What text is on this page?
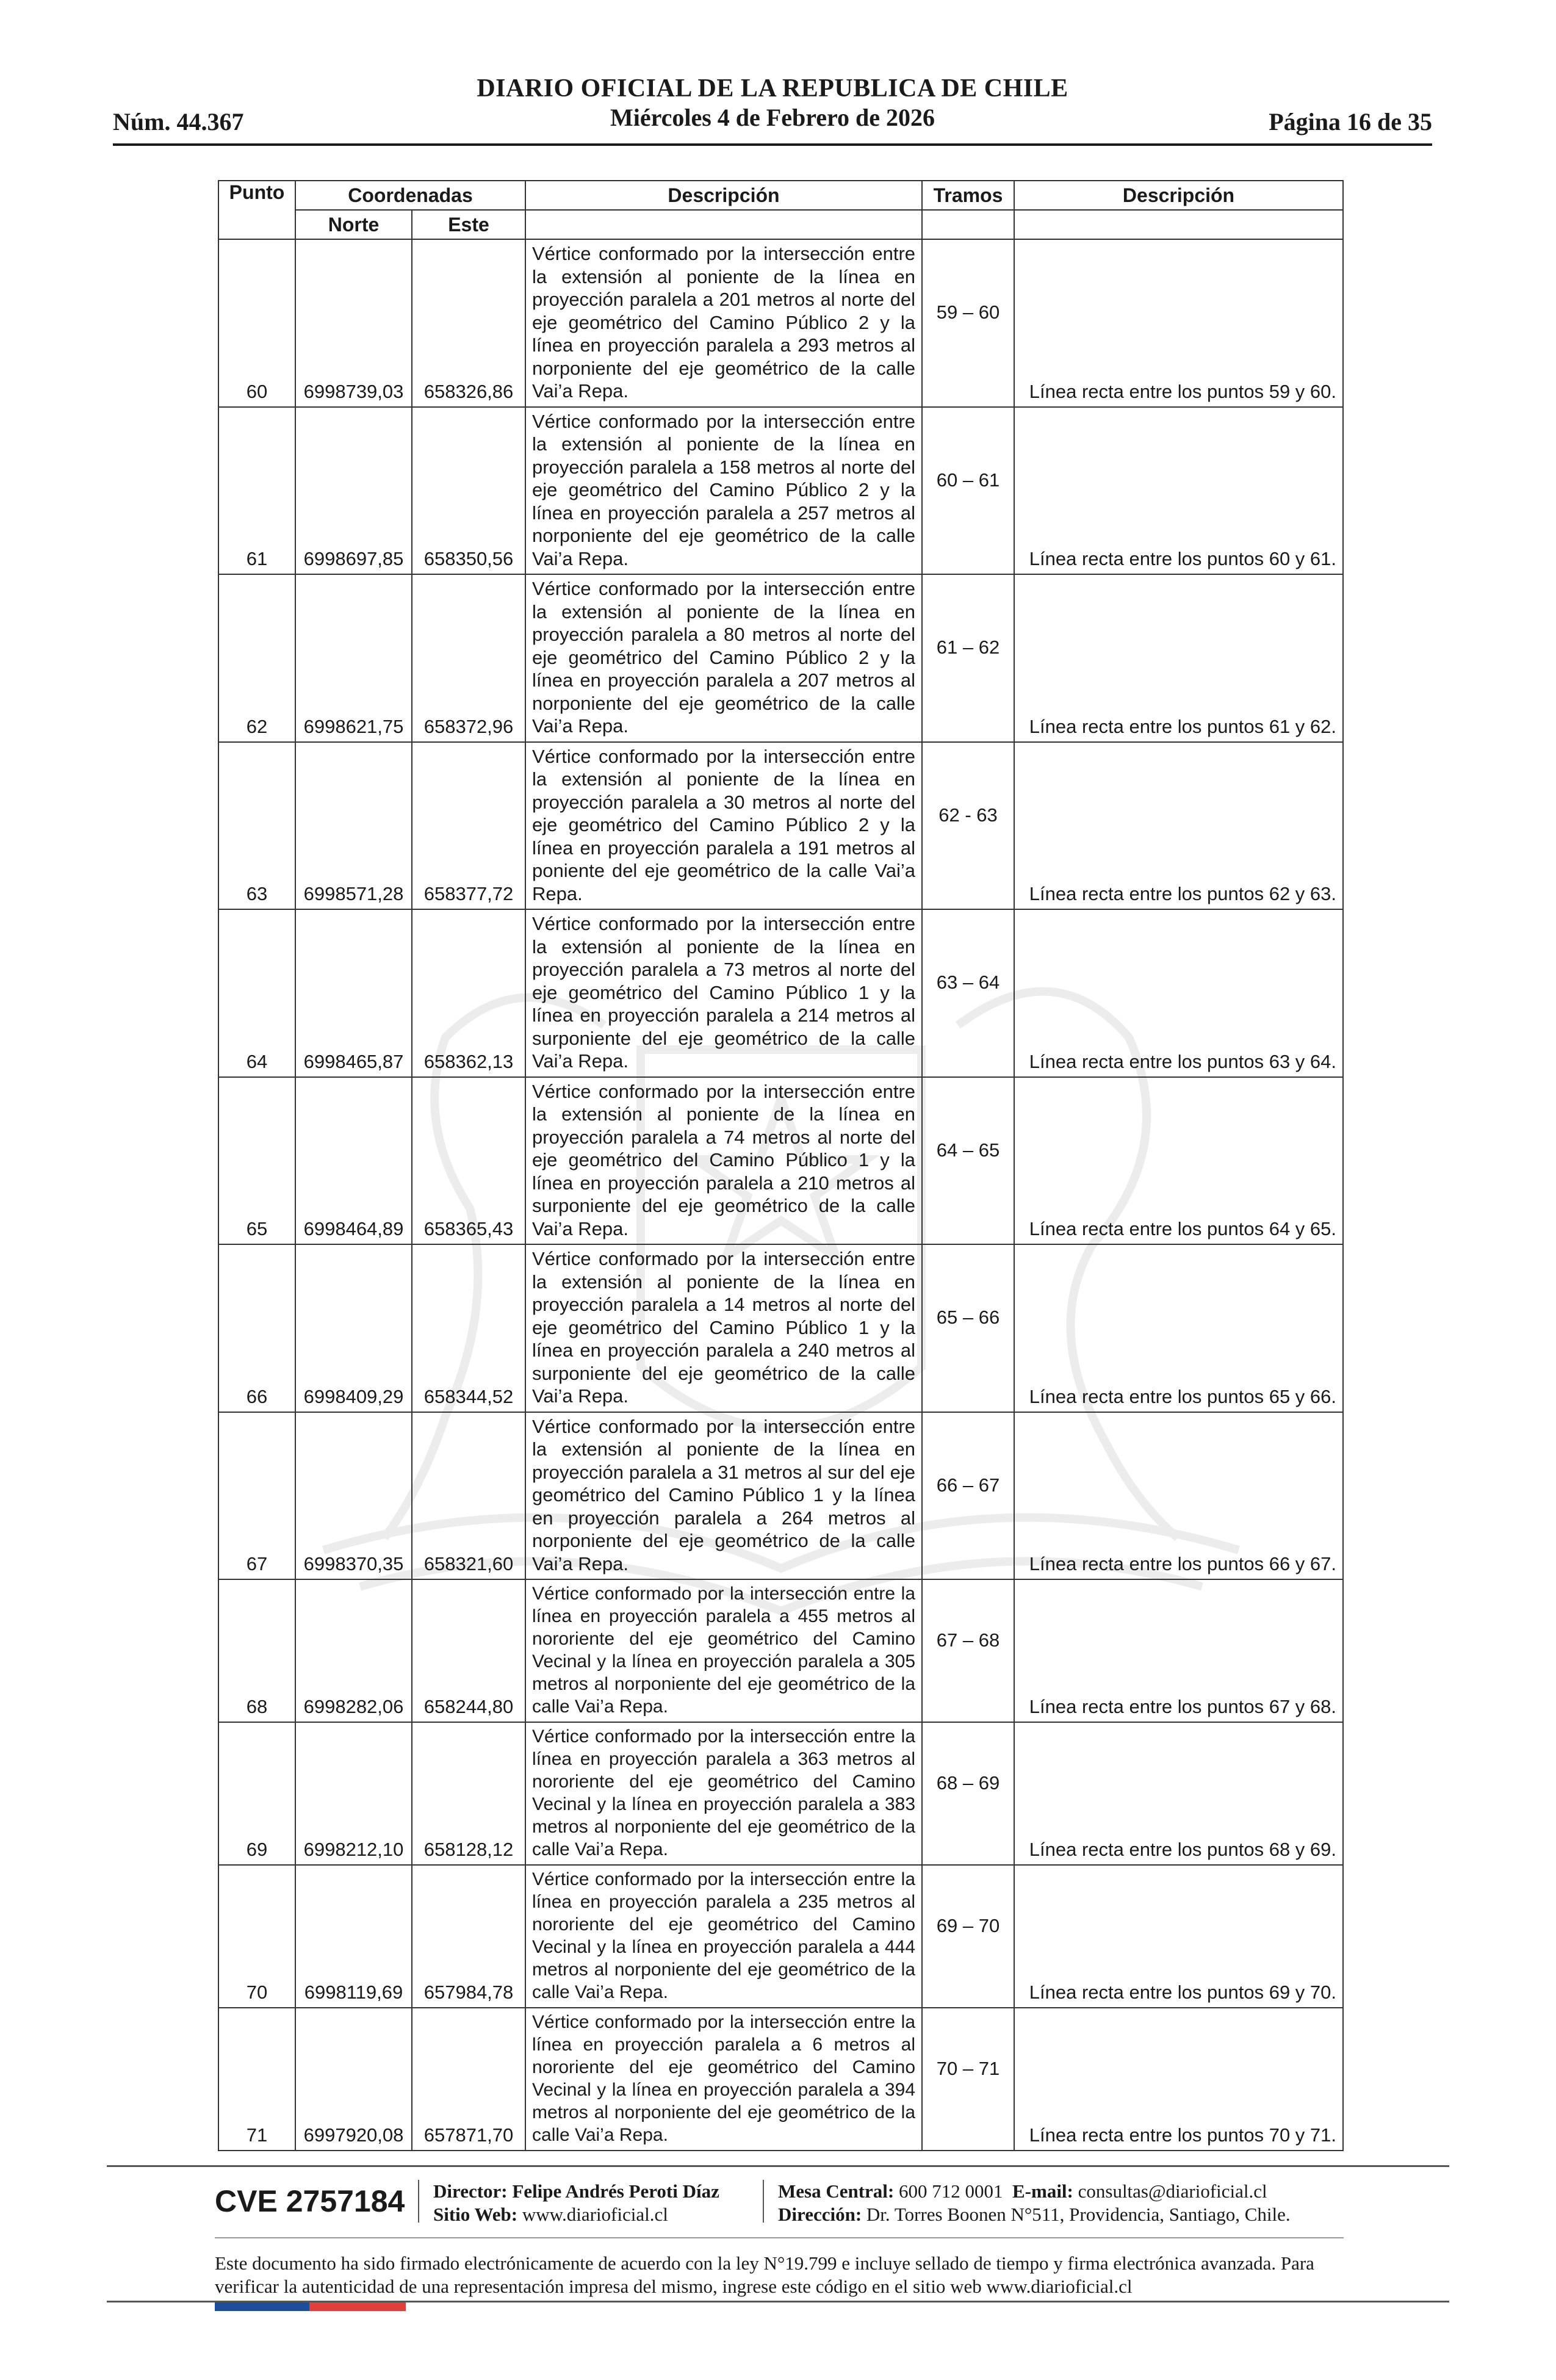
Núm. 44.367
DIARIO OFICIAL DE LA REPUBLICA DE CHILE
Miércoles 4 de Febrero de 2026	Página 16 de 35
Punto	Coordenadas		Descripción	Tramos	Descripción
	Norte	Este			
60	6998739,03	658326,86	Vértice conformado por la intersección entre la extensión al poniente de la línea en proyección paralela a 201 metros al norte del eje geométrico del Camino Público 2 y la línea en proyección paralela a 293 metros al norponiente del eje geométrico de la calle Vai’a Repa.	59 – 60	Línea recta entre los puntos 59 y 60.
61	6998697,85	658350,56	Vértice conformado por la intersección entre la extensión al poniente de la línea en proyección paralela a 158 metros al norte del eje geométrico del Camino Público 2 y la línea en proyección paralela a 257 metros al norponiente del eje geométrico de la calle Vai’a Repa.	60 – 61	Línea recta entre los puntos 60 y 61.
62	6998621,75	658372,96	Vértice conformado por la intersección entre la extensión al poniente de la línea en proyección paralela a 80 metros al norte del eje geométrico del Camino Público 2 y la línea en proyección paralela a 207 metros al norponiente del eje geométrico de la calle Vai’a Repa.	61 – 62	Línea recta entre los puntos 61 y 62.
63	6998571,28	658377,72	Vértice conformado por la intersección entre la extensión al poniente de la línea en proyección paralela a 30 metros al norte del eje geométrico del Camino Público 2 y la línea en proyección paralela a 191 metros al poniente del eje geométrico de la calle Vai’a Repa.	62 - 63	Línea recta entre los puntos 62 y 63.
64	6998465,87	658362,13	Vértice conformado por la intersección entre la extensión al poniente de la línea en proyección paralela a 73 metros al norte del eje geométrico del Camino Público 1 y la línea en proyección paralela a 214 metros al surponiente del eje geométrico de la calle Vai’a Repa.	63 – 64	Línea recta entre los puntos 63 y 64.
65	6998464,89	658365,43	Vértice conformado por la intersección entre la extensión al poniente de la línea en proyección paralela a 74 metros al norte del eje geométrico del Camino Público 1 y la línea en proyección paralela a 210 metros al surponiente del eje geométrico de la calle Vai’a Repa.	64 – 65	Línea recta entre los puntos 64 y 65.
66	6998409,29	658344,52	Vértice conformado por la intersección entre la extensión al poniente de la línea en proyección paralela a 14 metros al norte del eje geométrico del Camino Público 1 y la línea en proyección paralela a 240 metros al surponiente del eje geométrico de la calle Vai’a Repa.	65 – 66	Línea recta entre los puntos 65 y 66.
67	6998370,35	658321,60	Vértice conformado por la intersección entre la extensión al poniente de la línea en proyección paralela a 31 metros al sur del eje geométrico del Camino Público 1 y la línea en proyección paralela a 264 metros al norponiente del eje geométrico de la calle Vai’a Repa.	66 – 67	Línea recta entre los puntos 66 y 67.
68	6998282,06	658244,80	Vértice conformado por la intersección entre la línea en proyección paralela a 455 metros al nororiente del eje geométrico del Camino Vecinal y la línea en proyección paralela a 305 metros al norponiente del eje geométrico de la calle Vai’a Repa.	67 – 68	Línea recta entre los puntos 67 y 68.
69	6998212,10	658128,12	Vértice conformado por la intersección entre la línea en proyección paralela a 363 metros al nororiente del eje geométrico del Camino Vecinal y la línea en proyección paralela a 383 metros al norponiente del eje geométrico de la calle Vai’a Repa.	68 – 69	Línea recta entre los puntos 68 y 69.
70	6998119,69	657984,78	Vértice conformado por la intersección entre la línea en proyección paralela a 235 metros al nororiente del eje geométrico del Camino Vecinal y la línea en proyección paralela a 444 metros al norponiente del eje geométrico de la calle Vai’a Repa.	69 – 70	Línea recta entre los puntos 69 y 70.
71	6997920,08	657871,70	Vértice conformado por la intersección entre la línea en proyección paralela a 6 metros al nororiente del eje geométrico del Camino Vecinal y la línea en proyección paralela a 394 metros al norponiente del eje geométrico de la calle Vai’a Repa.	70 – 71	Línea recta entre los puntos 70 y 71.
CVE 2757184 Director: Felipe Andrés Peroti Díaz
Sitio Web: www.diarioficial.cl
Mesa Central: 600 712 0001 E-mail: consultas@diarioficial.cl
Dirección: Dr. Torres Boonen N°511, Providencia, Santiago, Chile.
Este documento ha sido firmado electrónicamente de acuerdo con la ley N°19.799 e incluye sellado de tiempo y firma electrónica avanzada. Para verificar la autenticidad de una representación impresa del mismo, ingrese este código en el sitio web www.diarioficial.cl
